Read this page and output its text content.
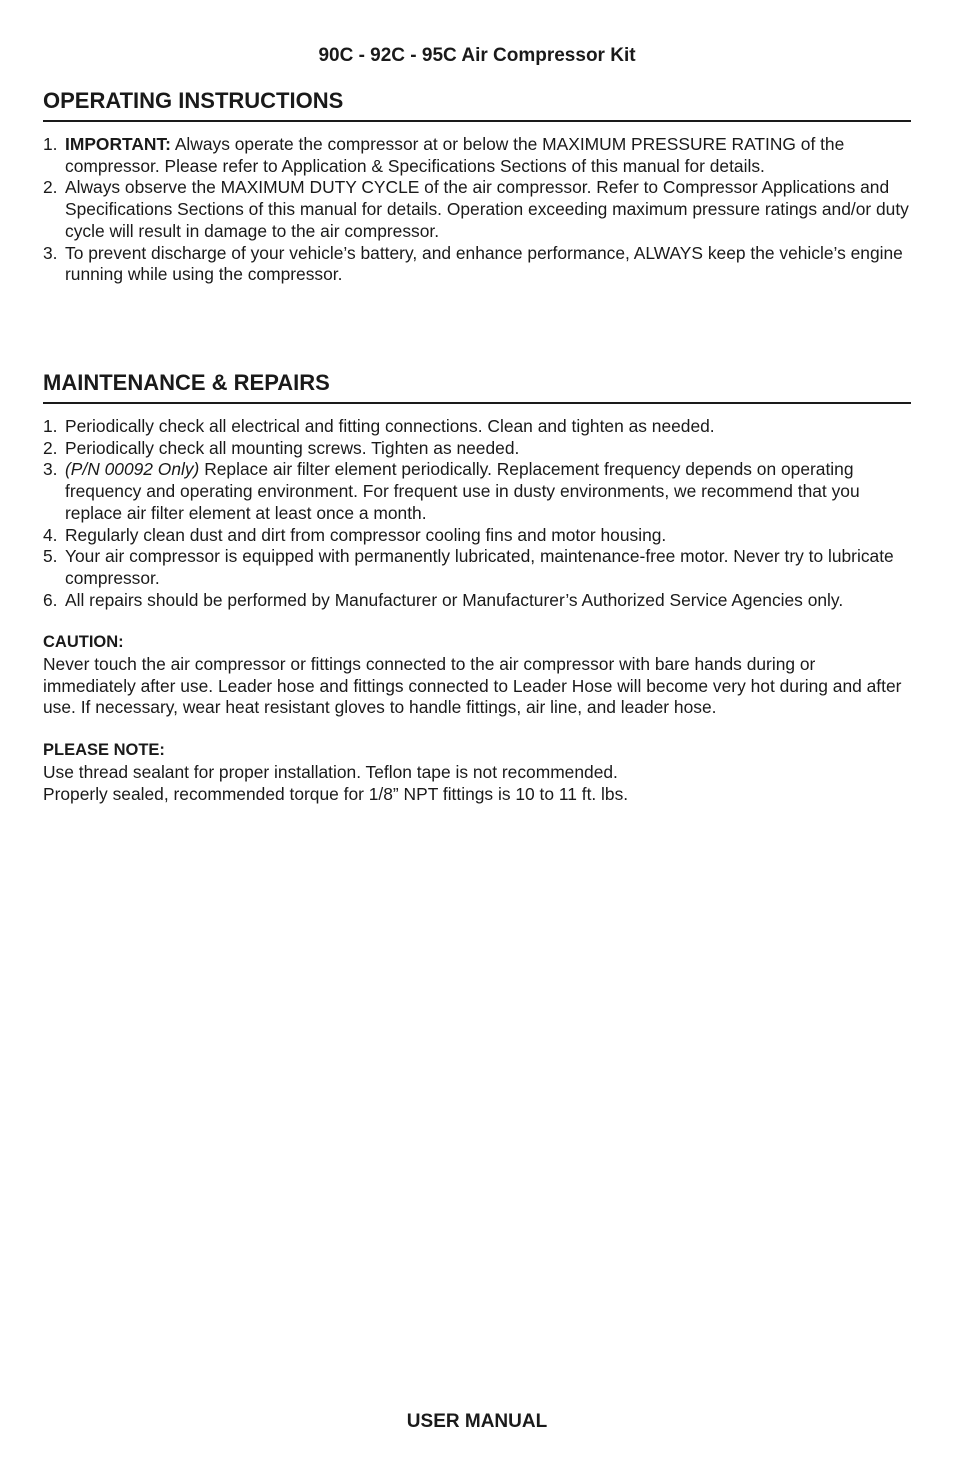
90C - 92C - 95C Air Compressor Kit
OPERATING INSTRUCTIONS
1. IMPORTANT: Always operate the compressor at or below the MAXIMUM PRESSURE RATING of the compressor. Please refer to Application & Specifications Sections of this manual for details.
2. Always observe the MAXIMUM DUTY CYCLE of the air compressor. Refer to Compressor Applications and Specifications Sections of this manual for details. Operation exceeding maximum pressure ratings and/or duty cycle will result in damage to the air compressor.
3. To prevent discharge of your vehicle’s battery, and enhance performance, ALWAYS keep the vehicle’s engine running while using the compressor.
MAINTENANCE & REPAIRS
1. Periodically check all electrical and fitting connections. Clean and tighten as needed.
2. Periodically check all mounting screws. Tighten as needed.
3. (P/N 00092 Only) Replace air filter element periodically. Replacement frequency depends on operating frequency and operating environment. For frequent use in dusty environments, we recommend that you replace air filter element at least once a month.
4. Regularly clean dust and dirt from compressor cooling fins and motor housing.
5. Your air compressor is equipped with permanently lubricated, maintenance-free motor. Never try to lubricate compressor.
6. All repairs should be performed by Manufacturer or Manufacturer’s Authorized Service Agencies only.
CAUTION:
Never touch the air compressor or fittings connected to the air compressor with bare hands during or immediately after use. Leader hose and fittings connected to Leader Hose will become very hot during and after use. If necessary, wear heat resistant gloves to handle fittings, air line, and leader hose.
PLEASE NOTE:
Use thread sealant for proper installation. Teflon tape is not recommended.
Properly sealed, recommended torque for 1/8” NPT fittings is 10 to 11 ft. lbs.
USER MANUAL
